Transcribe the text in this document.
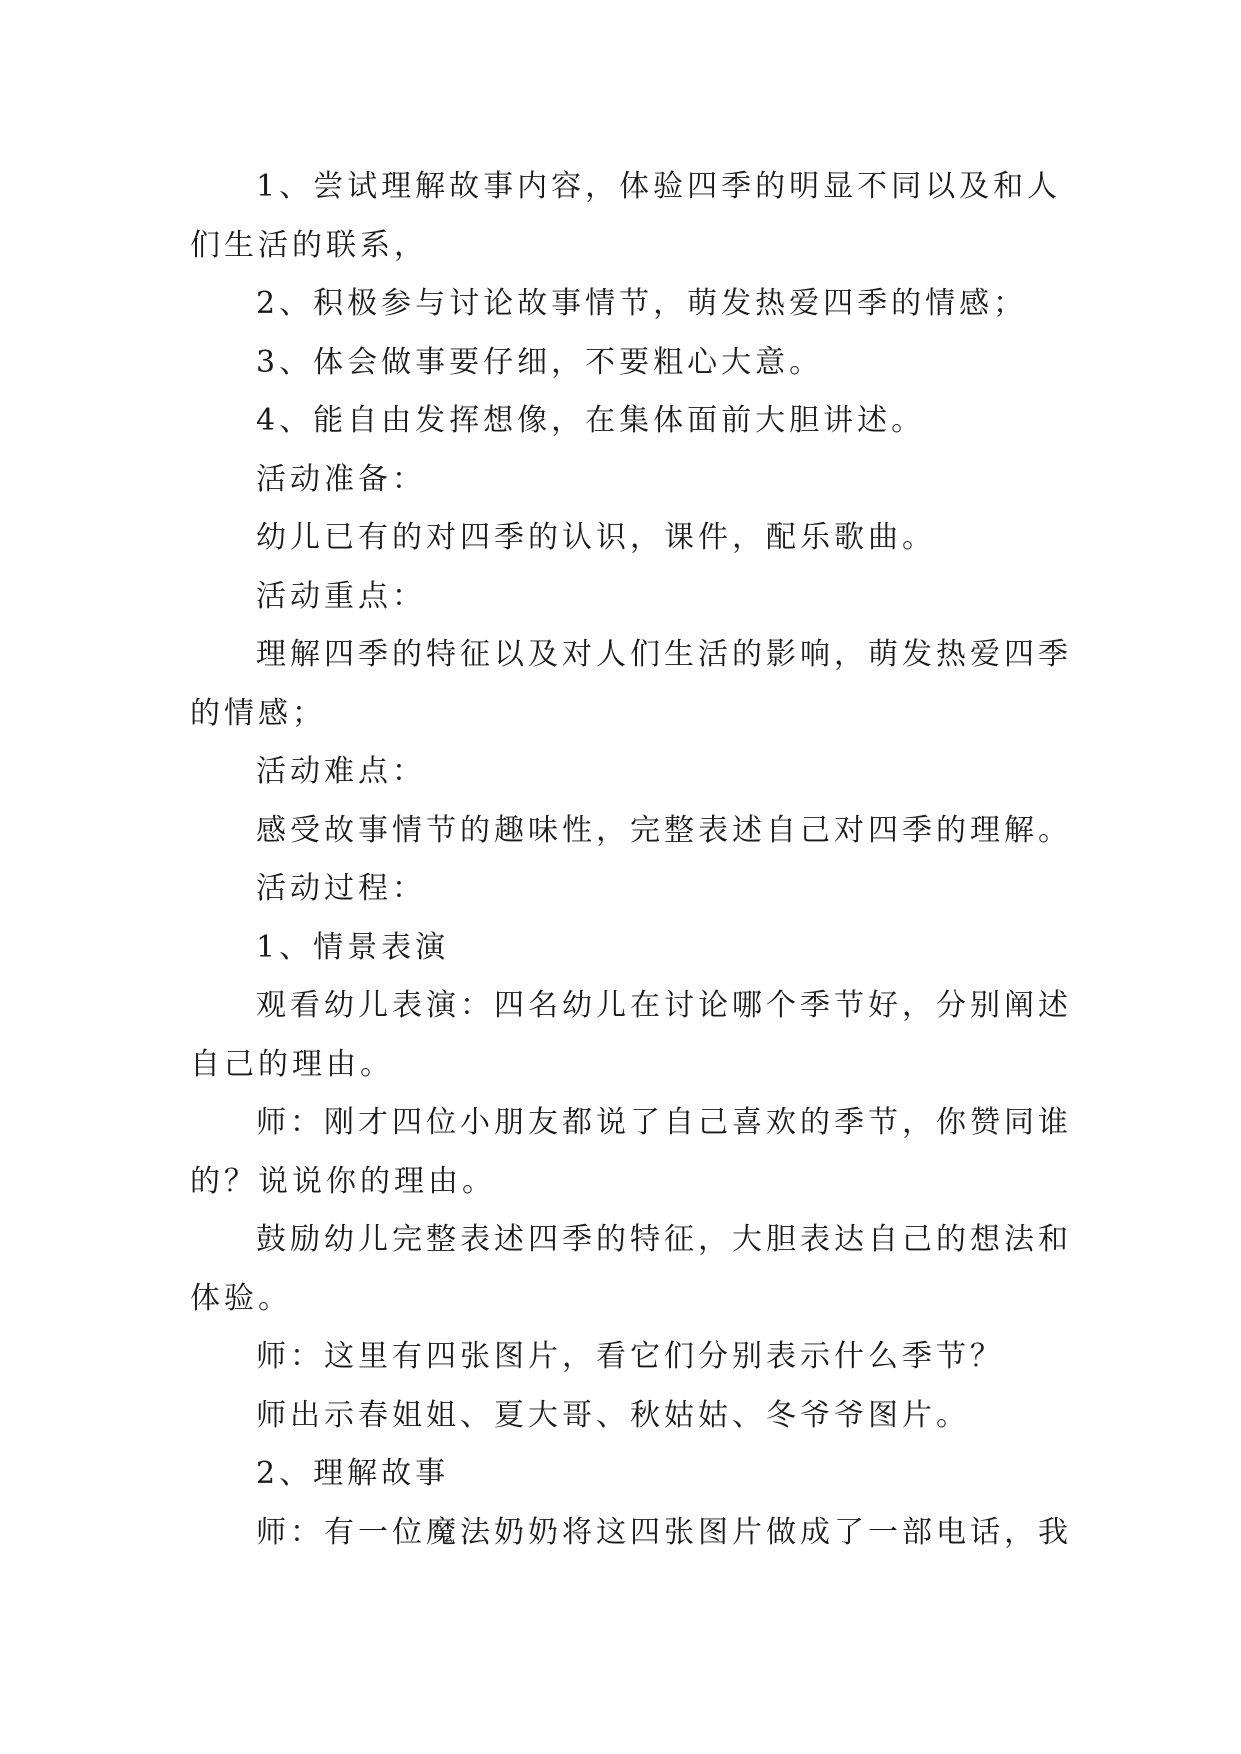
1、尝试理解故事内容，体验四季的明显不同以及和人
们生活的联系，
2、积极参与讨论故事情节，萌发热爱四季的情感；
3、体会做事要仔细，不要粗心大意。
4、能自由发挥想像，在集体面前大胆讲述。
活动准备：
幼儿已有的对四季的认识，课件，配乐歌曲。
活动重点：
理解四季的特征以及对人们生活的影响，萌发热爱四季
的情感；
活动难点：
感受故事情节的趣味性，完整表述自己对四季的理解。
活动过程：
1、情景表演
观看幼儿表演：四名幼儿在讨论哪个季节好，分别阐述
自己的理由。
师：刚才四位小朋友都说了自己喜欢的季节，你赞同谁
的？说说你的理由。
鼓励幼儿完整表述四季的特征，大胆表达自己的想法和
体验。
师：这里有四张图片，看它们分别表示什么季节？
师出示春姐姐、夏大哥、秋姑姑、冬爷爷图片。
2、理解故事
师：有一位魔法奶奶将这四张图片做成了一部电话，我
